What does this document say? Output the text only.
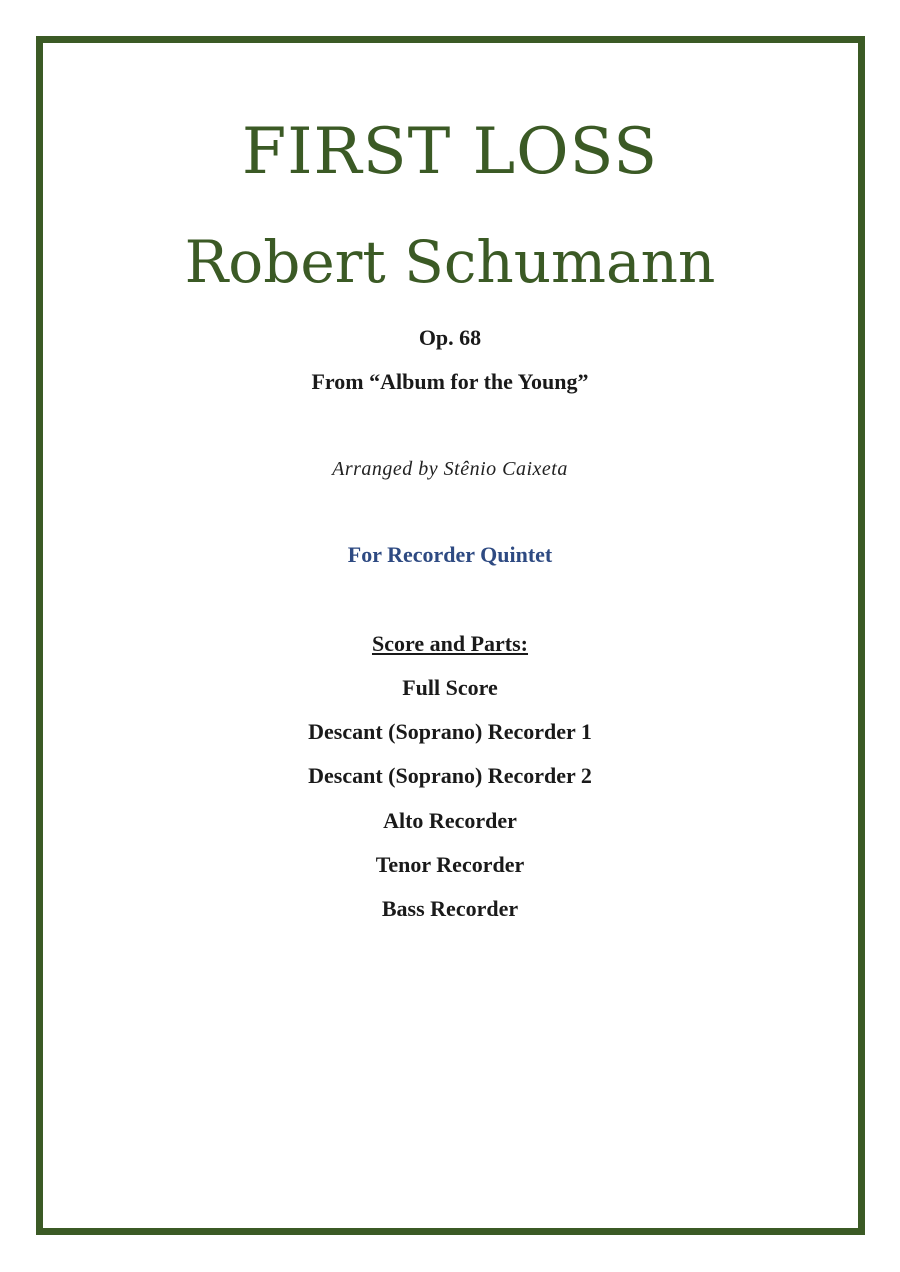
FIRST LOSS
Robert Schumann
Op. 68
From “Album for the Young”
Arranged by Stênio Caixeta
For Recorder Quintet
Score and Parts:
Full Score
Descant (Soprano) Recorder 1
Descant (Soprano) Recorder 2
Alto Recorder
Tenor Recorder
Bass Recorder
